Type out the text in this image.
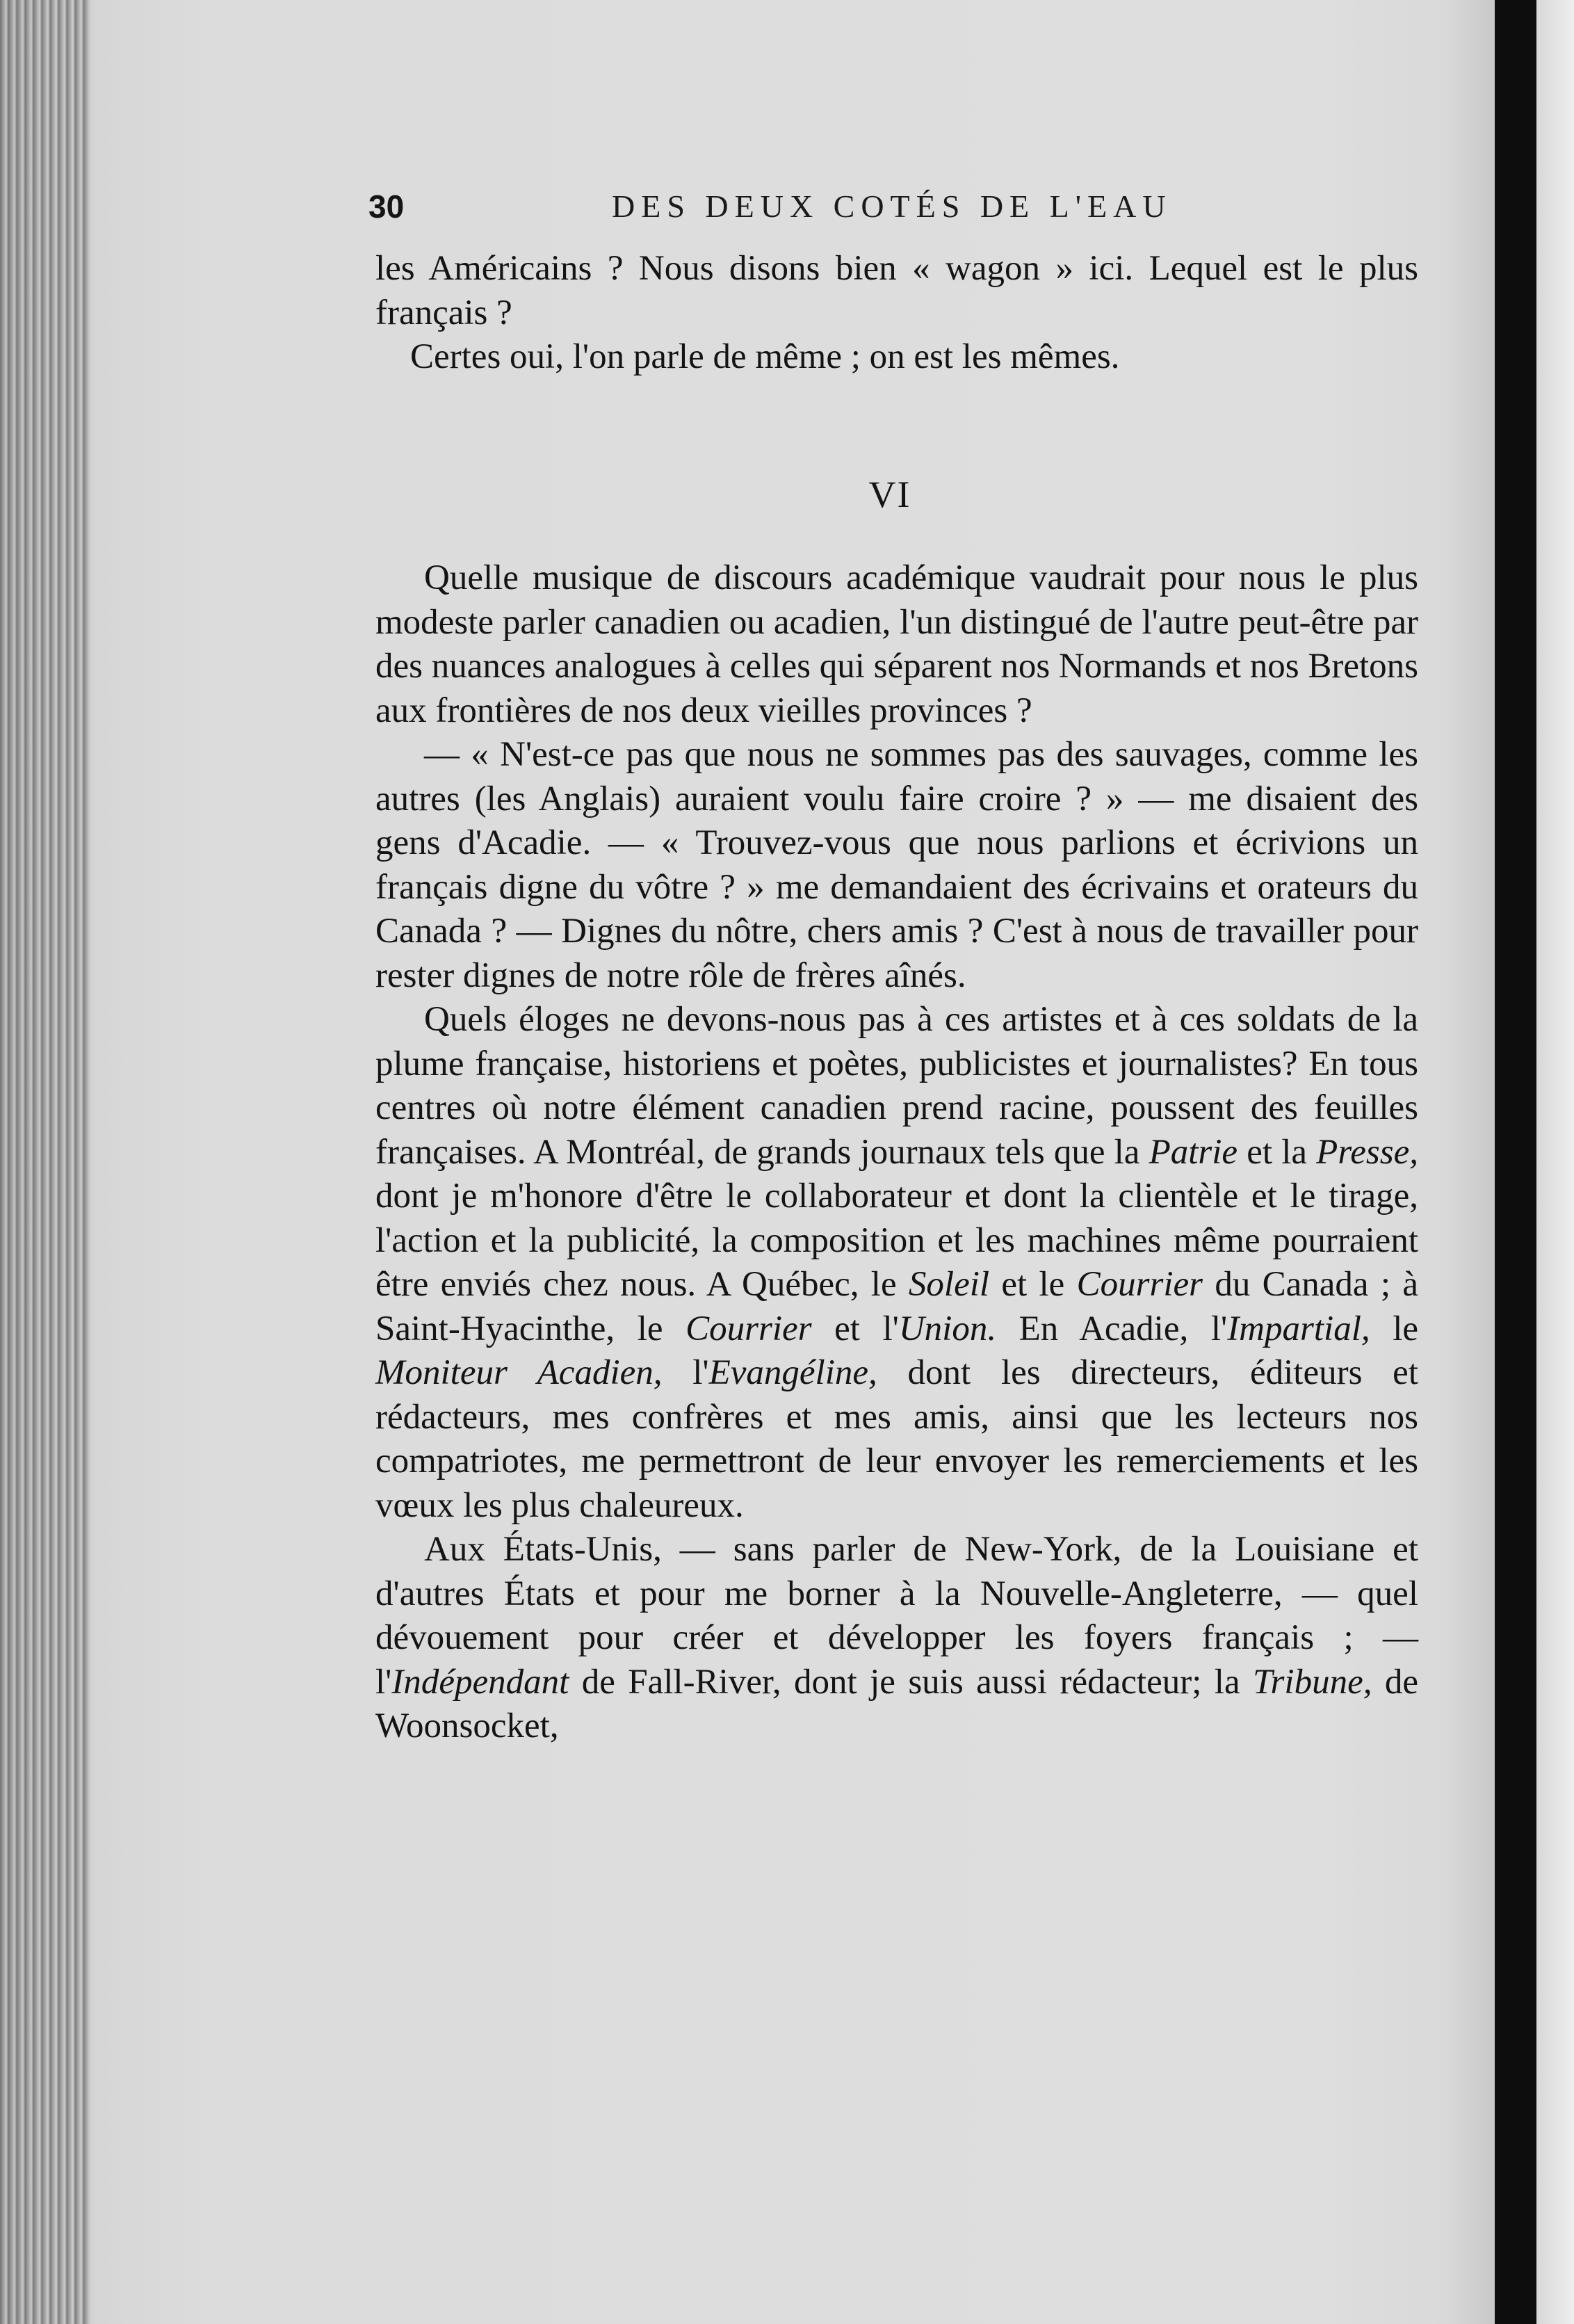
30	DES DEUX COTÉS DE L'EAU

les Américains ? Nous disons bien « wagon » ici. Lequel est le plus français ?

Certes oui, l'on parle de même ; on est les mêmes.

VI

Quelle musique de discours académique vaudrait pour nous le plus modeste parler canadien ou acadien, l'un distingué de l'autre peut-être par des nuances analogues à celles qui séparent nos Normands et nos Bretons aux frontières de nos deux vieilles provinces ?

— « N'est-ce pas que nous ne sommes pas des sauvages, comme les autres (les Anglais) auraient voulu faire croire ? » — me disaient des gens d'Acadie. — « Trouvez-vous que nous parlions et écrivions un français digne du vôtre ? » me demandaient des écrivains et orateurs du Canada ? — Dignes du nôtre, chers amis ? C'est à nous de travailler pour rester dignes de notre rôle de frères aînés.

Quels éloges ne devons-nous pas à ces artistes et à ces soldats de la plume française, historiens et poètes, publicistes et journalistes? En tous centres où notre élément canadien prend racine, poussent des feuilles françaises. A Montréal, de grands journaux tels que la Patrie et la Presse, dont je m'honore d'être le collaborateur et dont la clientèle et le tirage, l'action et la publicité, la composition et les machines même pourraient être enviés chez nous. A Québec, le Soleil et le Courrier du Canada ; à Saint-Hyacinthe, le Courrier et l'Union. En Acadie, l'Impartial, le Moniteur Acadien, l'Evangéline, dont les directeurs, éditeurs et rédacteurs, mes confrères et mes amis, ainsi que les lecteurs nos compatriotes, me permettront de leur envoyer les remerciements et les vœux les plus chaleureux.

Aux États-Unis, — sans parler de New-York, de la Louisiane et d'autres États et pour me borner à la Nouvelle-Angleterre, — quel dévouement pour créer et développer les foyers français ; — l'Indépendant de Fall-River, dont je suis aussi rédacteur; la Tribune, de Woonsocket,
